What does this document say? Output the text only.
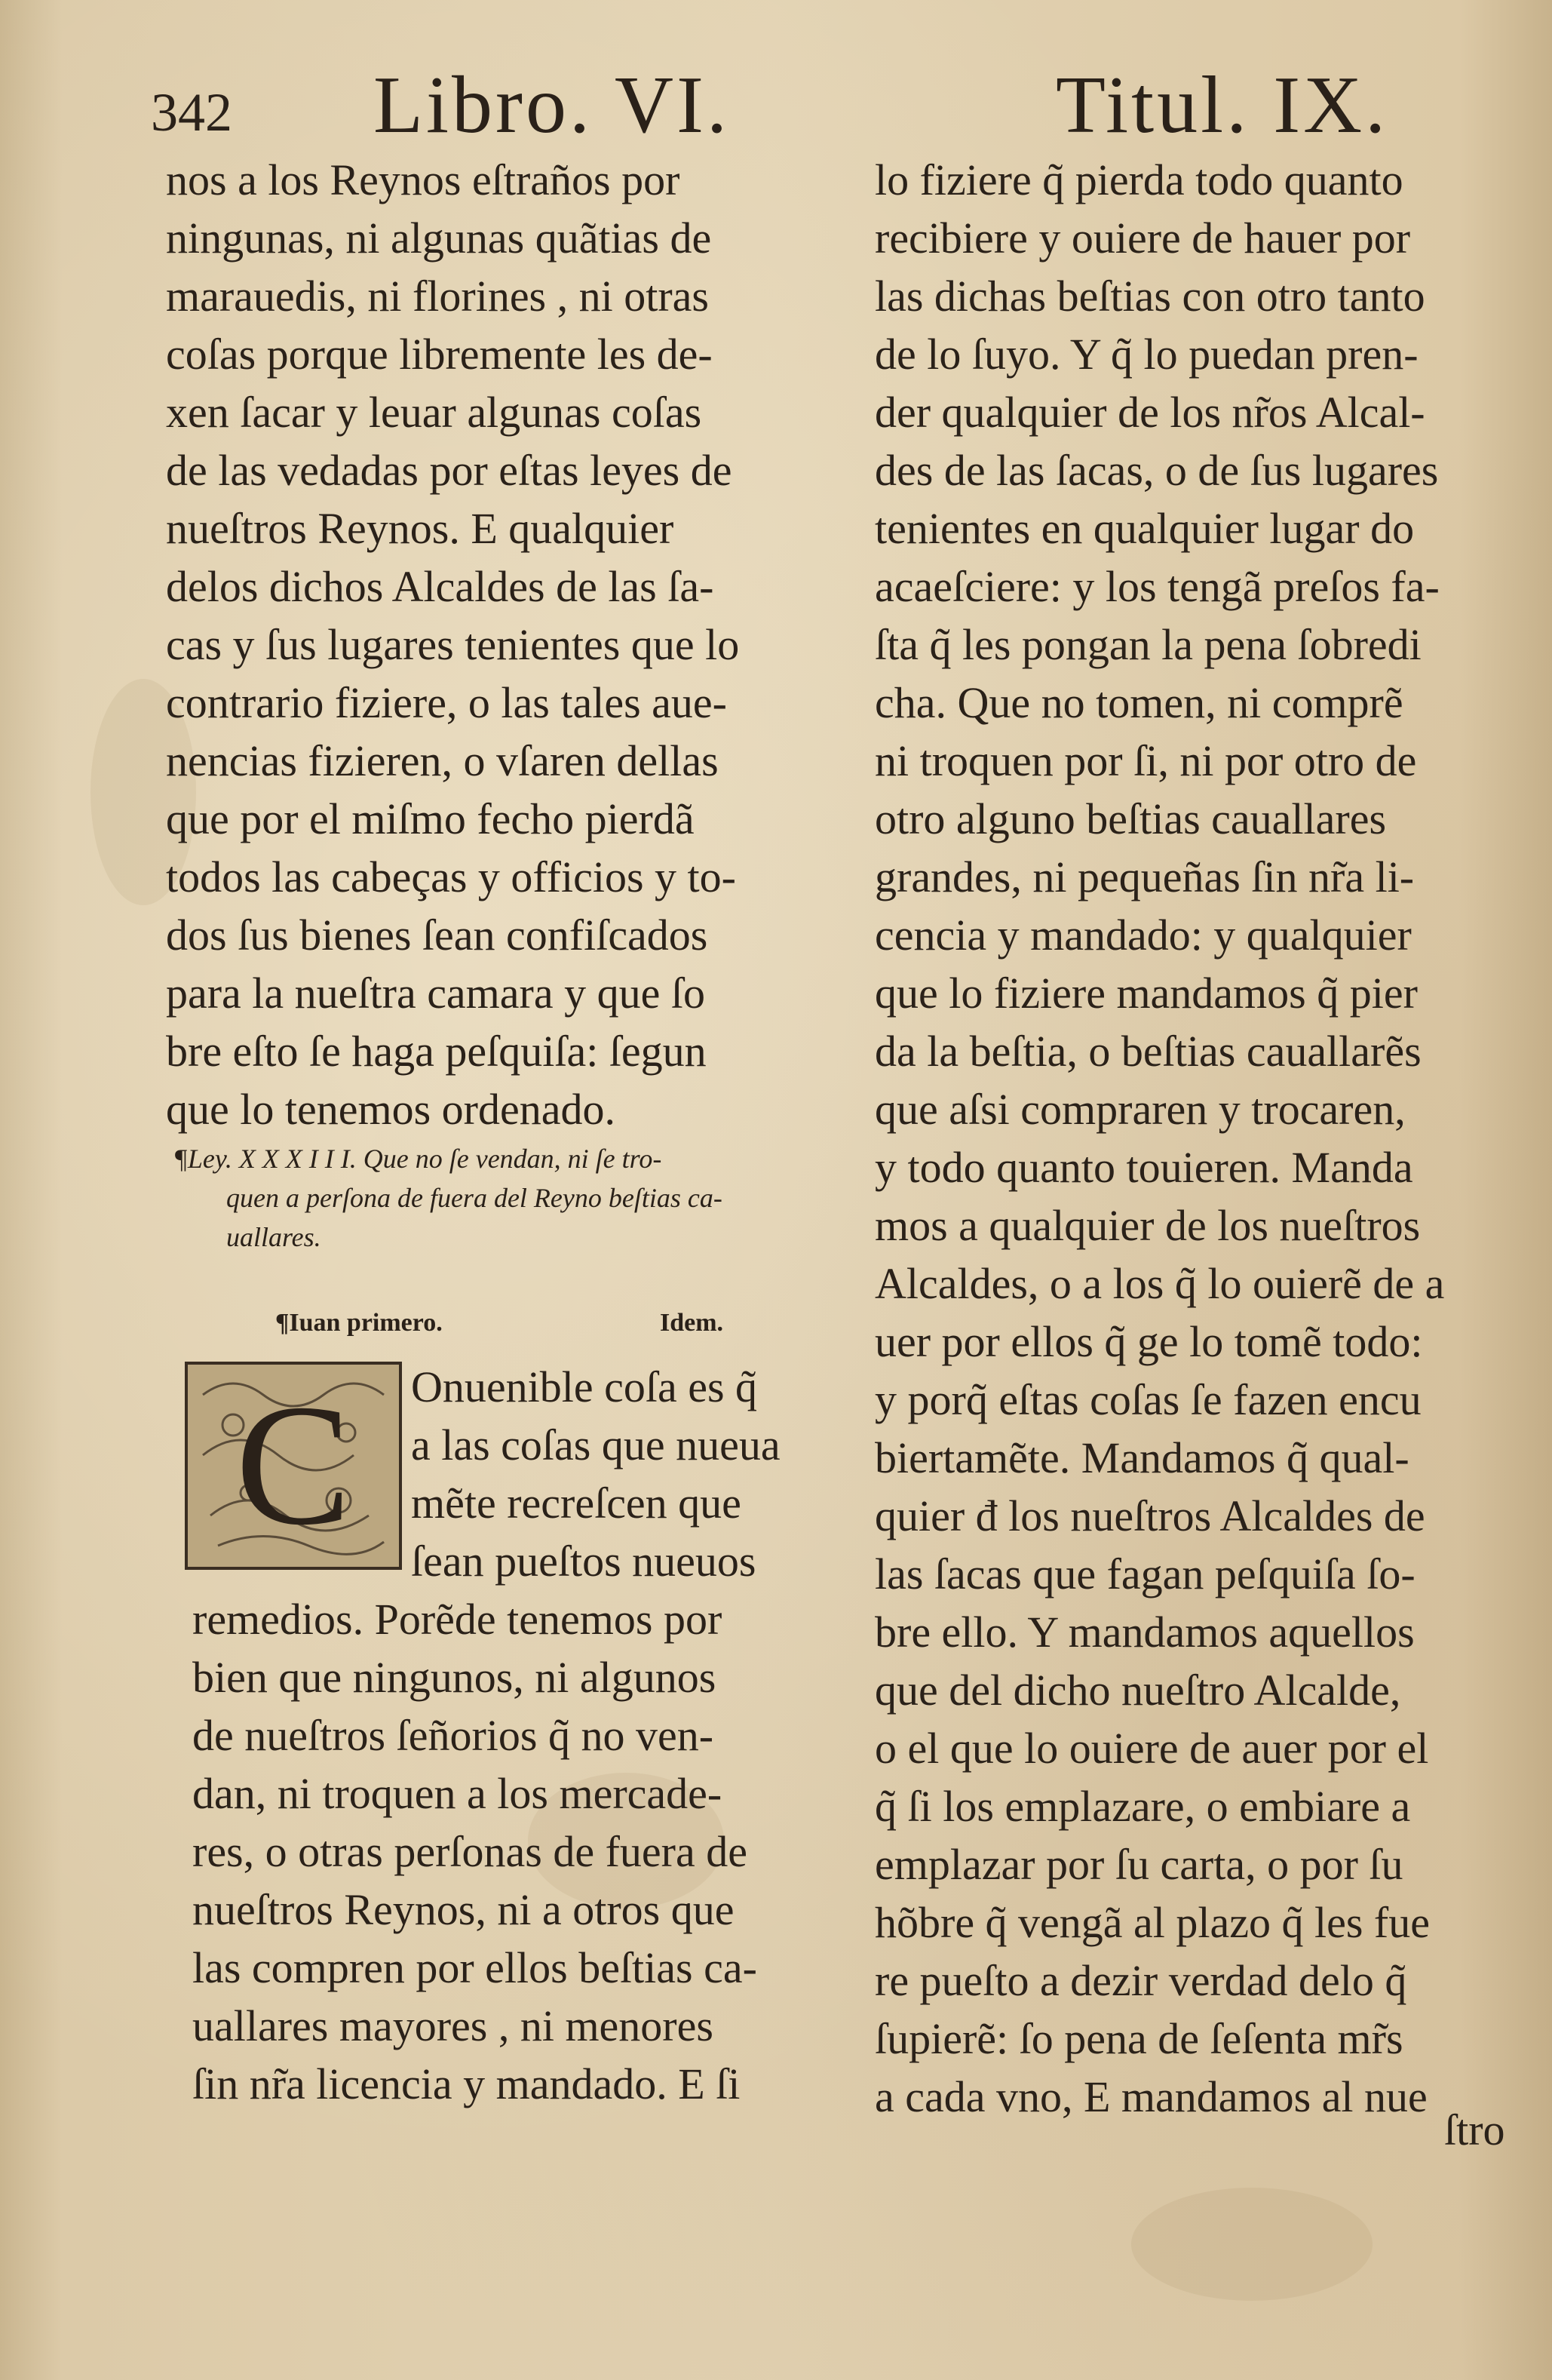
342 Libro. VI.	Titul. IX.
nos a los Reynos eſtraños por
ningunas, ni algunas quãtias de
marauedis, ni florines , ni otras
coſas porque libremente les de-
xen ſacar y leuar algunas coſas
de las vedadas por eſtas leyes de
nueſtros Reynos. E qualquier
delos dichos Alcaldes de las ſa-
cas y ſus lugares tenientes que lo
contrario fiziere, o las tales aue-
nencias fizieren, o vſaren dellas
que por el miſmo fecho pierdã
todos las cabeças y officios y to-
dos ſus bienes ſean confiſcados
para la nueſtra camara y que ſo
bre eſto ſe haga peſquiſa: ſegun
que lo tenemos ordenado.
¶Ley. X X X I I I. Que no ſe vendan, ni ſe tro-
quen a perſona de fuera del Reyno beſtias ca-
uallares.
¶Iuan primero.	Idem.
C Onuenible coſa es q̃
a las coſas que nueua
mẽte recreſcen que
ſean pueſtos nueuos
remedios. Porẽde tenemos por
bien que ningunos, ni algunos
de nueſtros ſeñorios q̃ no ven-
dan, ni troquen a los mercade-
res, o otras perſonas de fuera de
nueſtros Reynos, ni a otros que
las compren por ellos beſtias ca-
uallares mayores , ni menores
ſin nr̃a licencia y mandado. E ſi
lo fiziere q̃ pierda todo quanto
recibiere y ouiere de hauer por
las dichas beſtias con otro tanto
de lo ſuyo. Y q̃ lo puedan pren-
der qualquier de los nr̃os Alcal-
des de las ſacas, o de ſus lugares
tenientes en qualquier lugar do
acaeſciere: y los tengã preſos fa-
ſta q̃ les pongan la pena ſobredi
cha. Que no tomen, ni comprẽ
ni troquen por ſi, ni por otro de
otro alguno beſtias cauallares
grandes, ni pequeñas ſin nr̃a li-
cencia y mandado: y qualquier
que lo fiziere mandamos q̃ pier
da la beſtia, o beſtias cauallarẽs
que aſsi compraren y trocaren,
y todo quanto touieren. Manda
mos a qualquier de los nueſtros
Alcaldes, o a los q̃ lo ouierẽ de a
uer por ellos q̃ ge lo tomẽ todo:
y porq̃ eſtas coſas ſe fazen encu
biertamẽte. Mandamos q̃ qual-
quier đ los nueſtros Alcaldes de
las ſacas que fagan peſquiſa ſo-
bre ello. Y mandamos aquellos
que del dicho nueſtro Alcalde,
o el que lo ouiere de auer por el
q̃ ſi los emplazare, o embiare a
emplazar por ſu carta, o por ſu
hõbre q̃ vengã al plazo q̃ les fue
re pueſto a dezir verdad delo q̃
ſupierẽ: ſo pena de ſeſenta mr̃s
a cada vno, E mandamos al nue
ſtro
